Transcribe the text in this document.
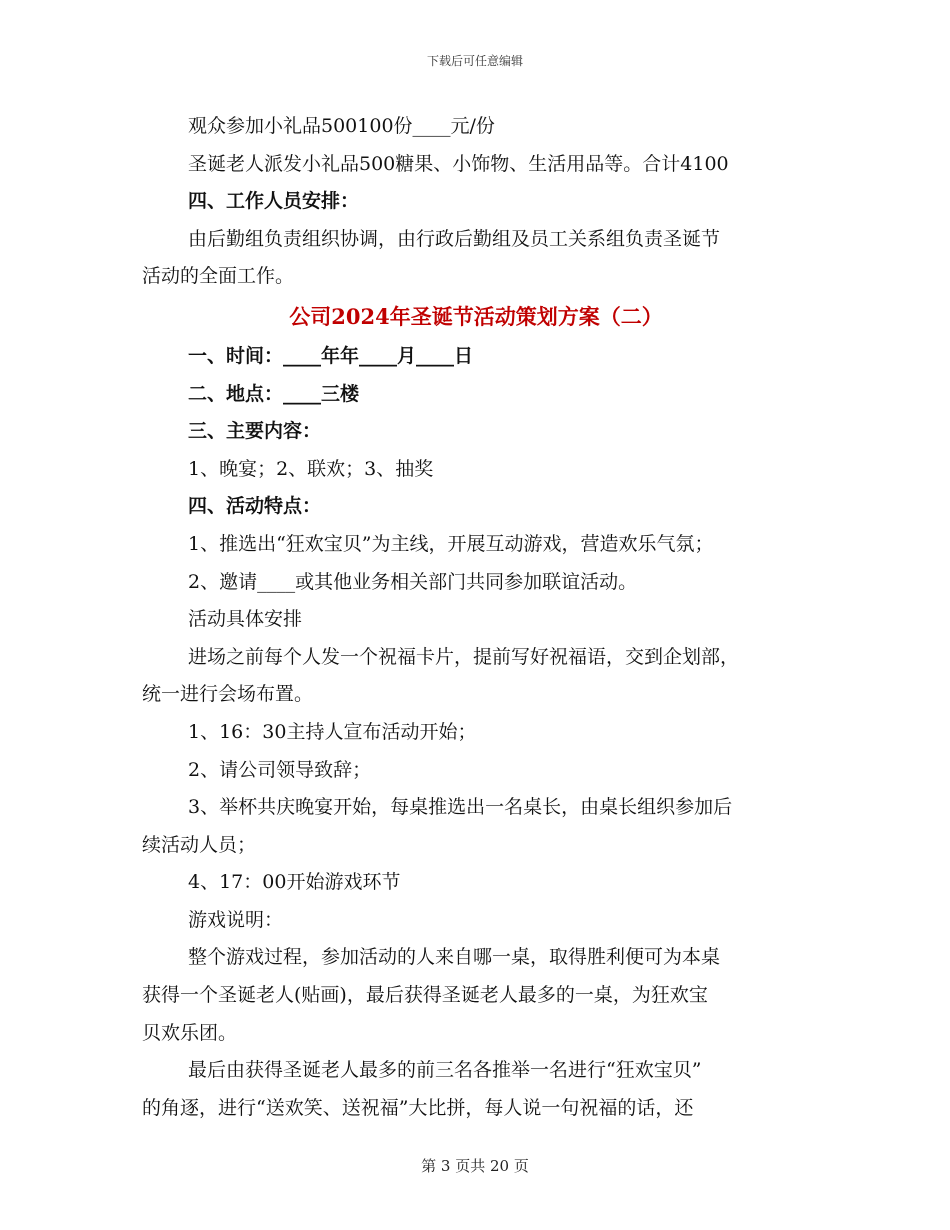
下载后可任意编辑

观众参加小礼品500100份____元/份

圣诞老人派发小礼品500糖果、小饰物、生活用品等。合计4100

四、工作人员安排：

由后勤组负责组织协调，由行政后勤组及员工关系组负责圣诞节

活动的全面工作。

公司2024年圣诞节活动策划方案（二）

一、时间：____年年____月____日

二、地点：____三楼

三、主要内容：

1、晚宴；2、联欢；3、抽奖

四、活动特点：

1、推选出“狂欢宝贝”为主线，开展互动游戏，营造欢乐气氛；

2、邀请____或其他业务相关部门共同参加联谊活动。

活动具体安排

进场之前每个人发一个祝福卡片，提前写好祝福语，交到企划部，

统一进行会场布置。

1、16：30主持人宣布活动开始；

2、请公司领导致辞；

3、举杯共庆晚宴开始，每桌推选出一名桌长，由桌长组织参加后

续活动人员；

4、17：00开始游戏环节

游戏说明：

整个游戏过程，参加活动的人来自哪一桌，取得胜利便可为本桌

获得一个圣诞老人(贴画)，最后获得圣诞老人最多的一桌，为狂欢宝

贝欢乐团。

最后由获得圣诞老人最多的前三名各推举一名进行“狂欢宝贝”

的角逐，进行“送欢笑、送祝福”大比拼，每人说一句祝福的话，还

第 3 页共 20 页
